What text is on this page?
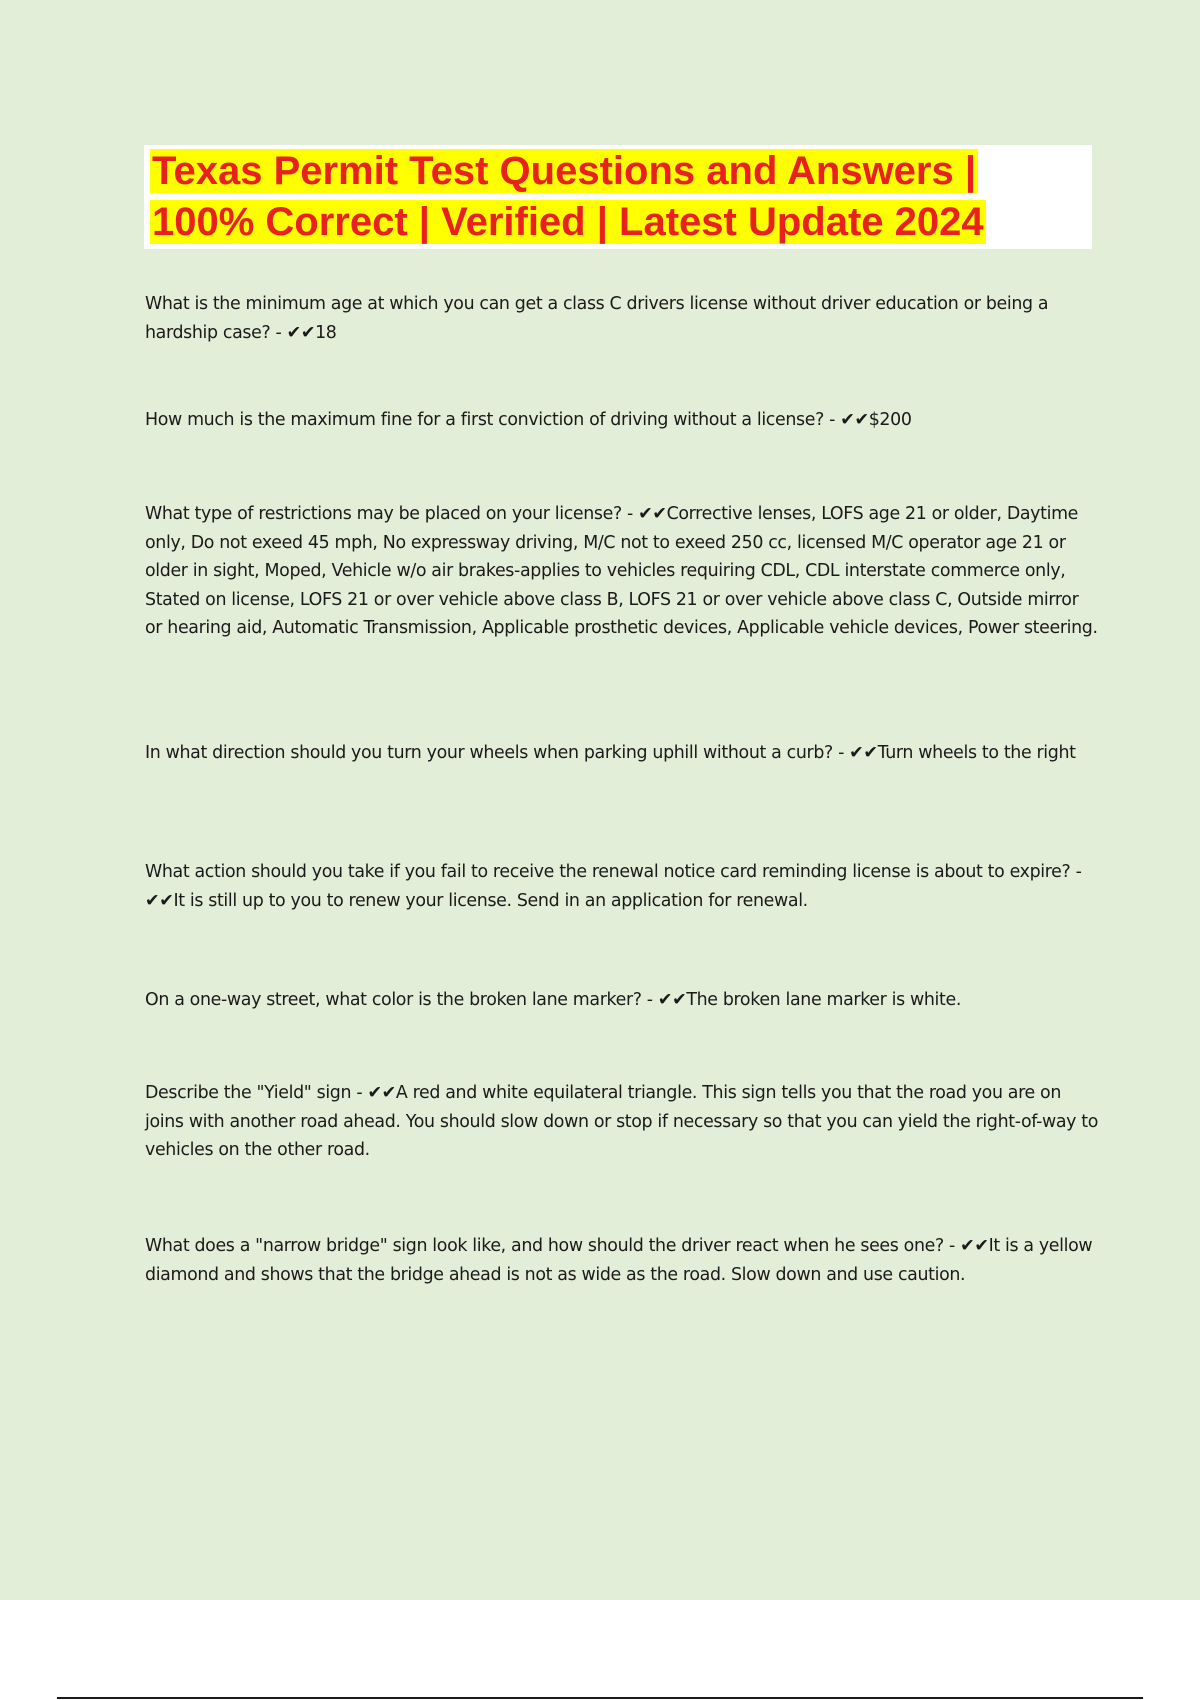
Texas Permit Test Questions and Answers |
100% Correct | Verified | Latest Update 2024

What is the minimum age at which you can get a class C drivers license without driver education or being a hardship case? - ✔✔18

How much is the maximum fine for a first conviction of driving without a license? - ✔✔$200

What type of restrictions may be placed on your license? - ✔✔Corrective lenses, LOFS age 21 or older, Daytime only, Do not exeed 45 mph, No expressway driving, M/C not to exeed 250 cc, licensed M/C operator age 21 or older in sight, Moped, Vehicle w/o air brakes-applies to vehicles requiring CDL, CDL interstate commerce only, Stated on license, LOFS 21 or over vehicle above class B, LOFS 21 or over vehicle above class C, Outside mirror or hearing aid, Automatic Transmission, Applicable prosthetic devices, Applicable vehicle devices, Power steering.

In what direction should you turn your wheels when parking uphill without a curb? - ✔✔Turn wheels to the right

What action should you take if you fail to receive the renewal notice card reminding license is about to expire? - ✔✔It is still up to you to renew your license. Send in an application for renewal.

On a one-way street, what color is the broken lane marker? - ✔✔The broken lane marker is white.

Describe the "Yield" sign - ✔✔A red and white equilateral triangle. This sign tells you that the road you are on joins with another road ahead. You should slow down or stop if necessary so that you can yield the right-of-way to vehicles on the other road.

What does a "narrow bridge" sign look like, and how should the driver react when he sees one? - ✔✔It is a yellow diamond and shows that the bridge ahead is not as wide as the road. Slow down and use caution.
